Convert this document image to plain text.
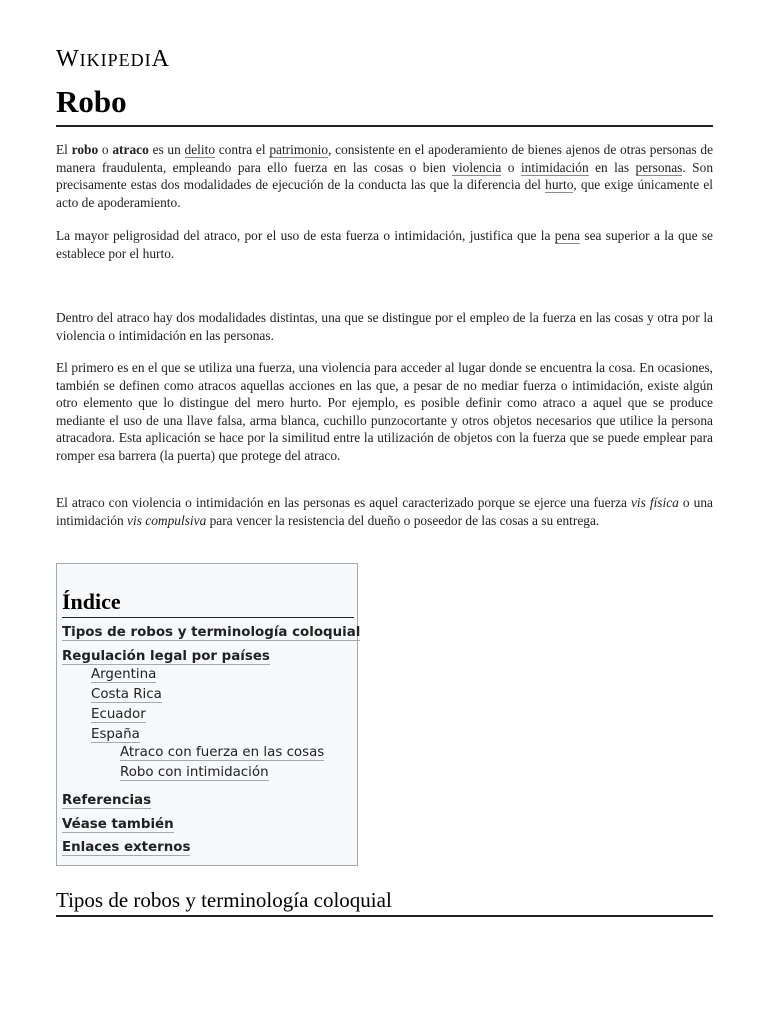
WIKIPEDIA
Robo

El robo o atraco es un delito contra el patrimonio, consistente en el apoderamiento de bienes ajenos de otras personas de manera fraudulenta, empleando para ello fuerza en las cosas o bien violencia o intimidación en las personas. Son precisamente estas dos modalidades de ejecución de la conducta las que la diferencia del hurto, que exige únicamente el acto de apoderamiento.

La mayor peligrosidad del atraco, por el uso de esta fuerza o intimidación, justifica que la pena sea superior a la que se establece por el hurto.

Dentro del atraco hay dos modalidades distintas, una que se distingue por el empleo de la fuerza en las cosas y otra por la violencia o intimidación en las personas.

El primero es en el que se utiliza una fuerza, una violencia para acceder al lugar donde se encuentra la cosa. En ocasiones, también se definen como atracos aquellas acciones en las que, a pesar de no mediar fuerza o intimidación, existe algún otro elemento que lo distingue del mero hurto. Por ejemplo, es posible definir como atraco a aquel que se produce mediante el uso de una llave falsa, arma blanca, cuchillo punzocortante y otros objetos necesarios que utilice la persona atracadora. Esta aplicación se hace por la similitud entre la utilización de objetos con la fuerza que se puede emplear para romper esa barrera (la puerta) que protege del atraco.

El atraco con violencia o intimidación en las personas es aquel caracterizado porque se ejerce una fuerza vis física o una intimidación vis compulsiva para vencer la resistencia del dueño o poseedor de las cosas a su entrega.

Índice
Tipos de robos y terminología coloquial
Regulación legal por países
Argentina
Costa Rica
Ecuador
España
Atraco con fuerza en las cosas
Robo con intimidación
Referencias
Véase también
Enlaces externos
Tipos de robos y terminología coloquial
